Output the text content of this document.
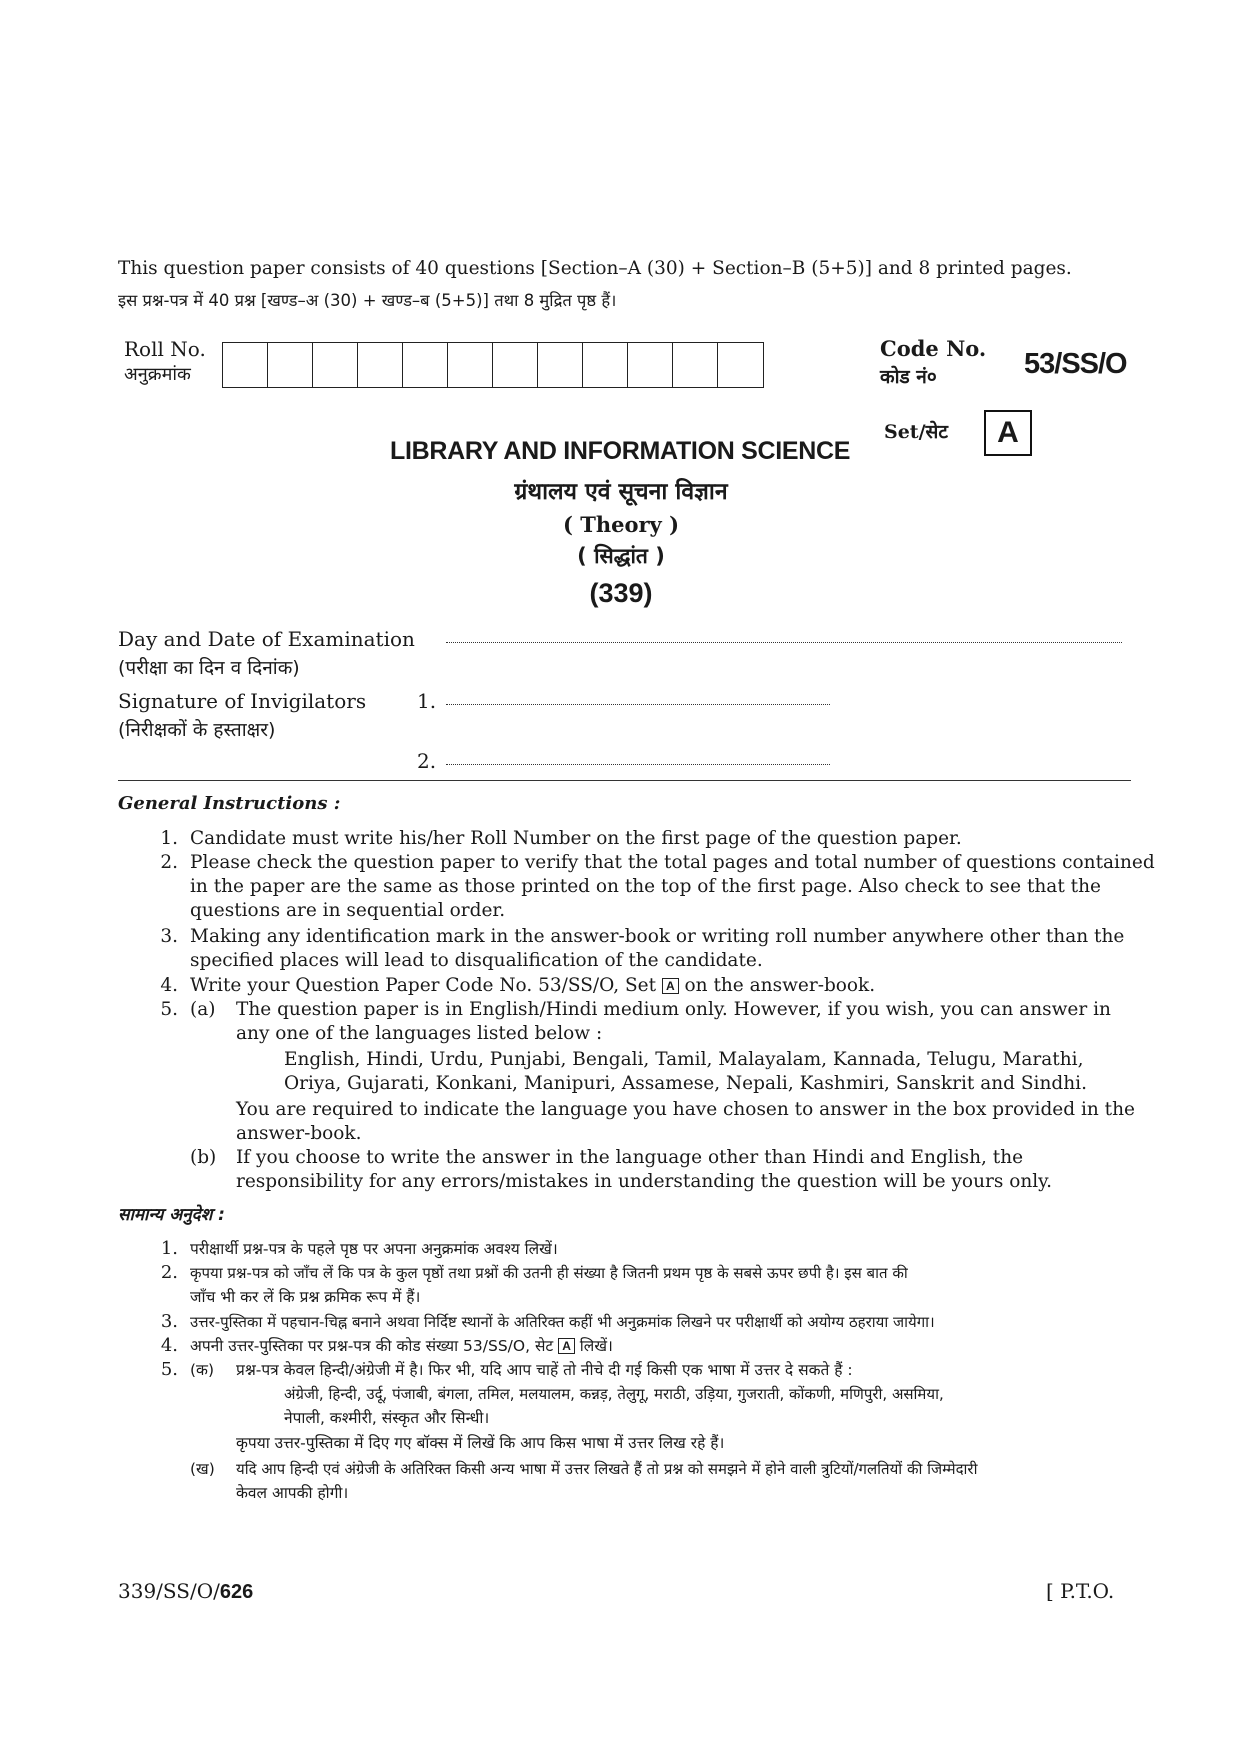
This question paper consists of 40 questions [Section–A (30) + Section–B (5+5)] and 8 printed pages.
इस प्रश्न-पत्र में 40 प्रश्न [खण्ड–अ (30) + खण्ड–ब (5+5)] तथा 8 मुद्रित पृष्ठ हैं।
Roll No.
अनुक्रमांक
Code No.
कोड नं०	53/SS/O
Set/सेट	A
LIBRARY AND INFORMATION SCIENCE
ग्रंथालय एवं सूचना विज्ञान
( Theory )
( सिद्धांत )
(339)
Day and Date of Examination
(परीक्षा का दिन व दिनांक)
Signature of Invigilators
(निरीक्षकों के हस्ताक्षर)
1.
2.
General Instructions :
1. Candidate must write his/her Roll Number on the first page of the question paper.
2. Please check the question paper to verify that the total pages and total number of questions contained
in the paper are the same as those printed on the top of the first page. Also check to see that the
questions are in sequential order.
3. Making any identification mark in the answer-book or writing roll number anywhere other than the
specified places will lead to disqualification of the candidate.
4. Write your Question Paper Code No. 53/SS/O, Set A on the answer-book.
5. (a) The question paper is in English/Hindi medium only. However, if you wish, you can answer in
any one of the languages listed below :
English, Hindi, Urdu, Punjabi, Bengali, Tamil, Malayalam, Kannada, Telugu, Marathi,
Oriya, Gujarati, Konkani, Manipuri, Assamese, Nepali, Kashmiri, Sanskrit and Sindhi.
You are required to indicate the language you have chosen to answer in the box provided in the
answer-book.
(b) If you choose to write the answer in the language other than Hindi and English, the
responsibility for any errors/mistakes in understanding the question will be yours only.
सामान्य अनुदेश :
1. परीक्षार्थी प्रश्न-पत्र के पहले पृष्ठ पर अपना अनुक्रमांक अवश्य लिखें।
2. कृपया प्रश्न-पत्र को जाँच लें कि पत्र के कुल पृष्ठों तथा प्रश्नों की उतनी ही संख्या है जितनी प्रथम पृष्ठ के सबसे ऊपर छपी है। इस बात की
जाँच भी कर लें कि प्रश्न क्रमिक रूप में हैं।
3. उत्तर-पुस्तिका में पहचान-चिह्न बनाने अथवा निर्दिष्ट स्थानों के अतिरिक्त कहीं भी अनुक्रमांक लिखने पर परीक्षार्थी को अयोग्य ठहराया जायेगा।
4. अपनी उत्तर-पुस्तिका पर प्रश्न-पत्र की कोड संख्या 53/SS/O, सेट A लिखें।
5. (क) प्रश्न-पत्र केवल हिन्दी/अंग्रेजी में है। फिर भी, यदि आप चाहें तो नीचे दी गई किसी एक भाषा में उत्तर दे सकते हैं :
अंग्रेजी, हिन्दी, उर्दू, पंजाबी, बंगला, तमिल, मलयालम, कन्नड़, तेलुगू, मराठी, उड़िया, गुजराती, कोंकणी, मणिपुरी, असमिया,
नेपाली, कश्मीरी, संस्कृत और सिन्धी।
कृपया उत्तर-पुस्तिका में दिए गए बॉक्स में लिखें कि आप किस भाषा में उत्तर लिख रहे हैं।
(ख) यदि आप हिन्दी एवं अंग्रेजी के अतिरिक्त किसी अन्य भाषा में उत्तर लिखते हैं तो प्रश्न को समझने में होने वाली त्रुटियों/गलतियों की जिम्मेदारी
केवल आपकी होगी।
339/SS/O/626	[ P.T.O.
